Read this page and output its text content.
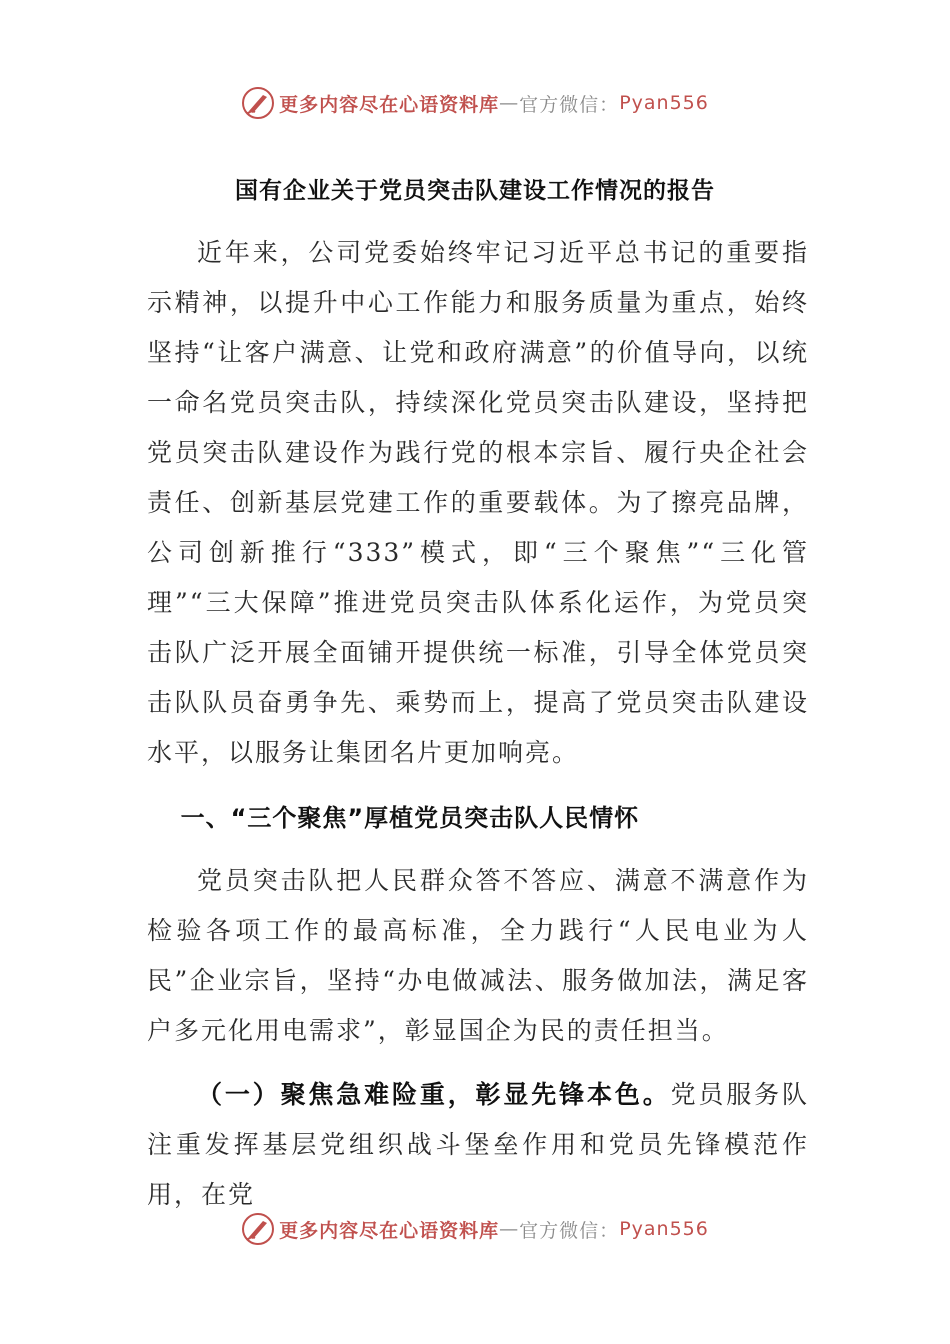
更多内容尽在心语资料库 — 官方微信： Pyan556
国有企业关于党员突击队建设工作情况的报告

近年来，公司党委始终牢记习近平总书记的重要指示精神，以提升中心工作能力和服务质量为重点，始终坚持“让客户满意、让党和政府满意”的价值导向，以统一命名党员突击队，持续深化党员突击队建设，坚持把党员突击队建设作为践行党的根本宗旨、履行央企社会责任、创新基层党建工作的重要载体。为了擦亮品牌，公司创新推行“333”模式，即“三个聚焦”“三化管理”“三大保障”推进党员突击队体系化运作，为党员突击队广泛开展全面铺开提供统一标准，引导全体党员突击队队员奋勇争先、乘势而上，提高了党员突击队建设水平，以服务让集团名片更加响亮。

一、“三个聚焦”厚植党员突击队人民情怀

党员突击队把人民群众答不答应、满意不满意作为检验各项工作的最高标准，全力践行“人民电业为人民”企业宗旨，坚持“办电做减法、服务做加法，满足客户多元化用电需求”，彰显国企为民的责任担当。

（一）聚焦急难险重，彰显先锋本色。党员服务队注重发挥基层党组织战斗堡垒作用和党员先锋模范作用，在党

更多内容尽在心语资料库 — 官方微信： Pyan556
